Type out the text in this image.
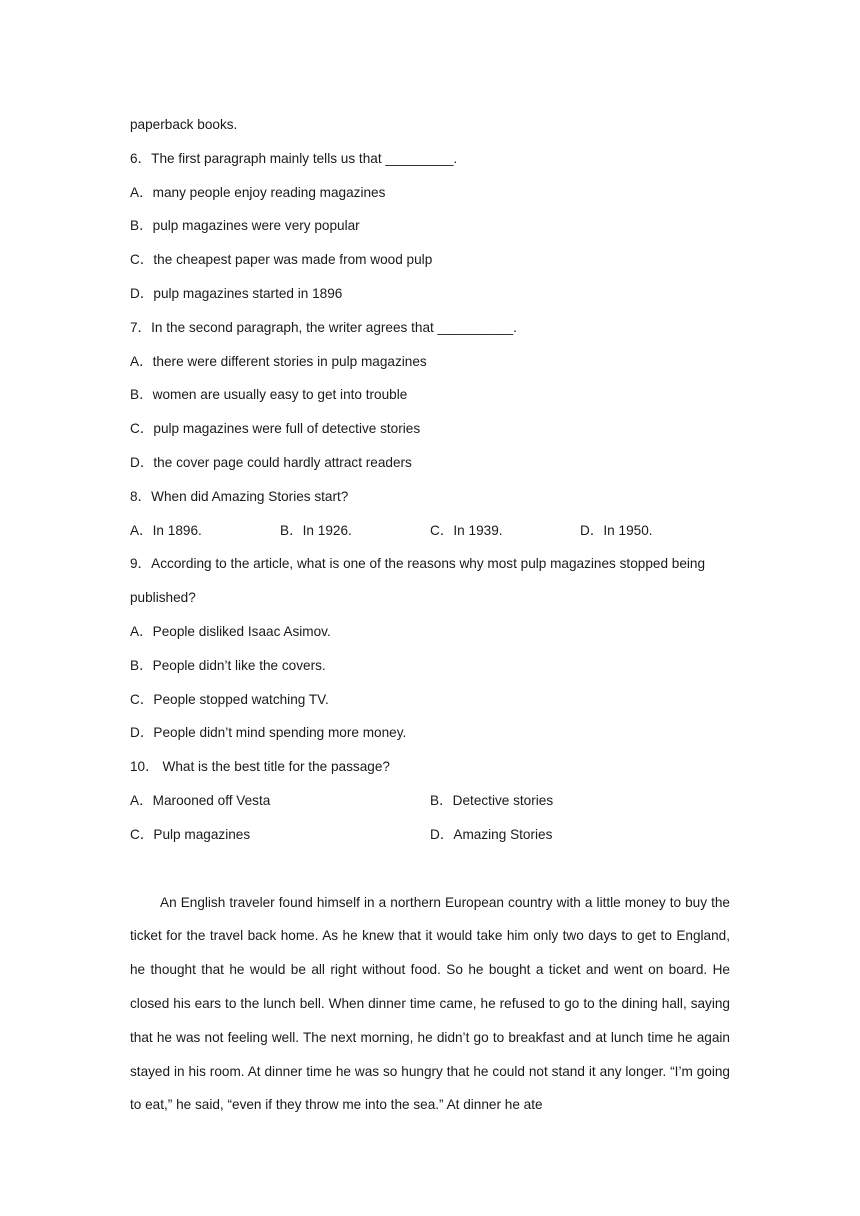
paperback books.
6．The first paragraph mainly tells us that _________.
A．many people enjoy reading magazines
B．pulp magazines were very popular
C．the cheapest paper was made from wood pulp
D．pulp magazines started in 1896
7．In the second paragraph, the writer agrees that __________.
A．there were different stories in pulp magazines
B．women are usually easy to get into trouble
C．pulp magazines were full of detective stories
D．the cover page could hardly attract readers
8．When did Amazing Stories start?
A．In 1896.	B．In 1926.	C．In 1939.	D．In 1950.
9．According to the article, what is one of the reasons why most pulp magazines stopped being
published?
A．People disliked Isaac Asimov.
B．People didn’t like the covers.
C．People stopped watching TV.
D．People didn’t mind spending more money.
10． What is the best title for the passage?
A．Marooned off Vesta	B．Detective stories
C．Pulp magazines	D．Amazing Stories
An English traveler found himself in a northern European country with a little money to buy the ticket for the travel back home. As he knew that it would take him only two days to get to England, he thought that he would be all right without food. So he bought a ticket and went on board. He closed his ears to the lunch bell. When dinner time came, he refused to go to the dining hall, saying that he was not feeling well. The next morning, he didn’t go to breakfast and at lunch time he again stayed in his room. At dinner time he was so hungry that he could not stand it any longer. “I’m going to eat,” he said, “even if they throw me into the sea.” At dinner he ate
